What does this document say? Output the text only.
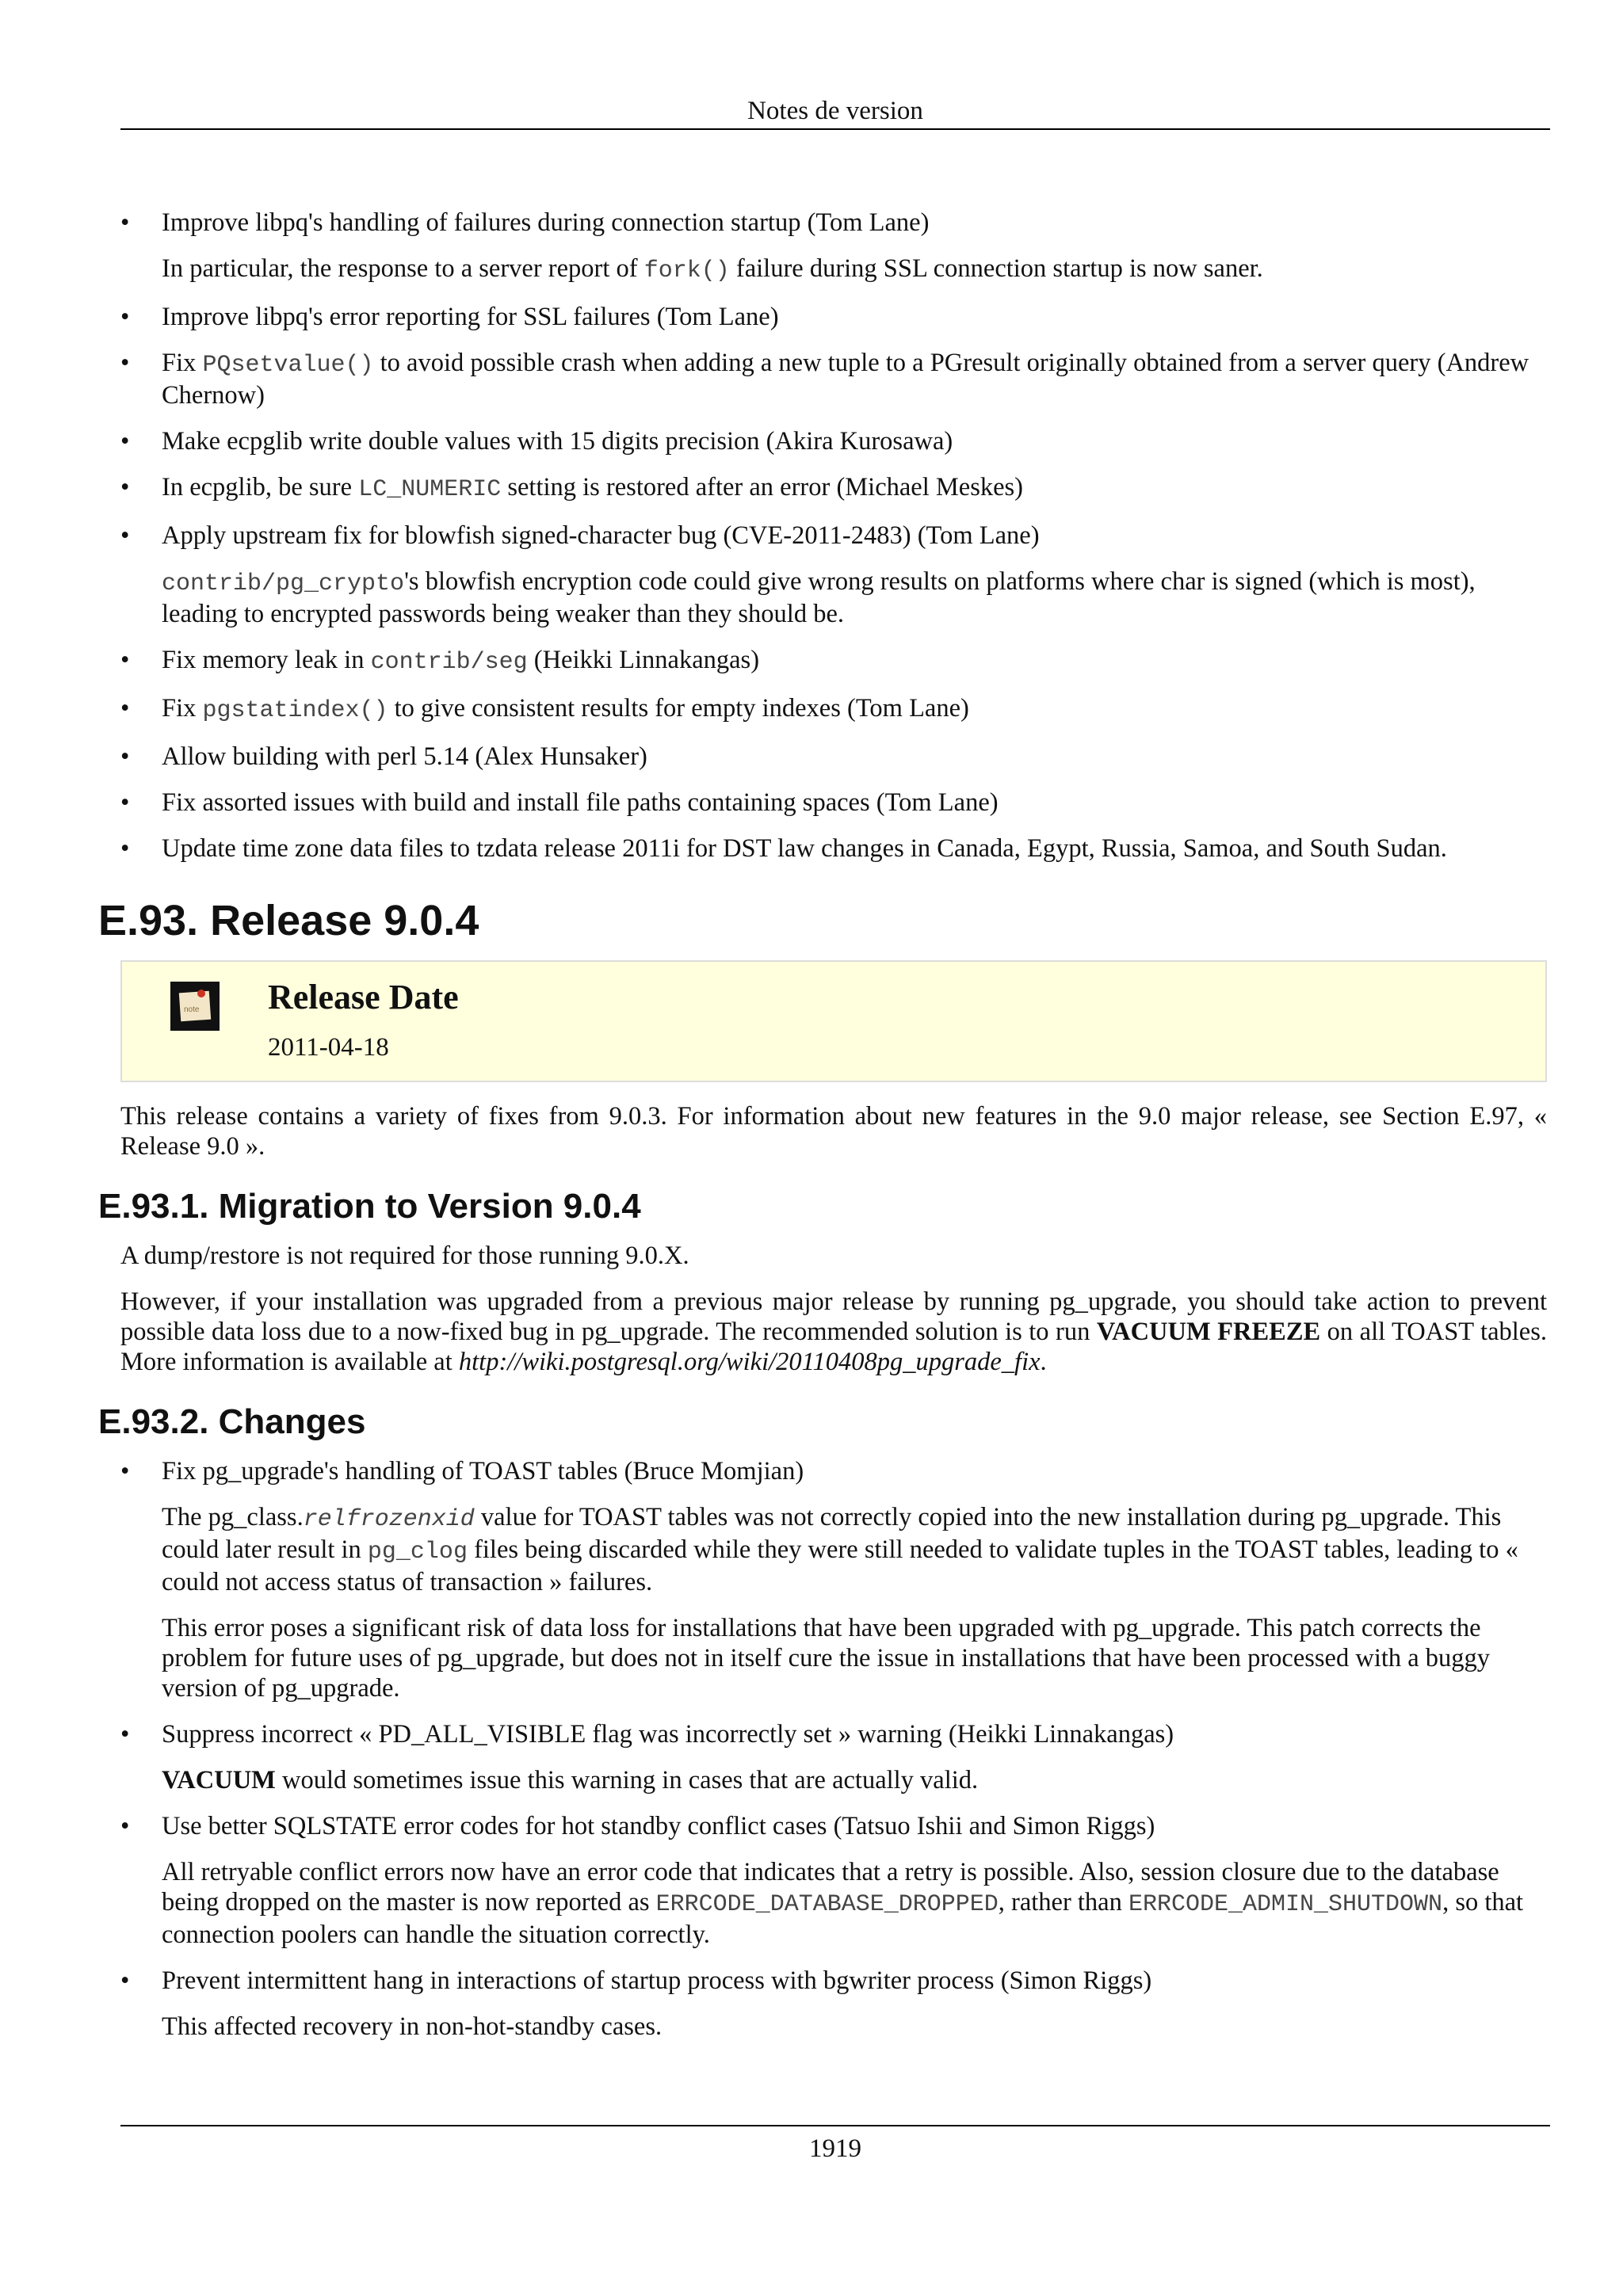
Notes de version
•	Improve libpq's handling of failures during connection startup (Tom Lane)

In particular, the response to a server report of fork() failure during SSL connection startup is now saner.

•	Improve libpq's error reporting for SSL failures (Tom Lane)

•	Fix PQsetvalue() to avoid possible crash when adding a new tuple to a PGresult originally obtained from a server query (Andrew Chernow)

•	Make ecpglib write double values with 15 digits precision (Akira Kurosawa)

•	In ecpglib, be sure LC_NUMERIC setting is restored after an error (Michael Meskes)

•	Apply upstream fix for blowfish signed-character bug (CVE-2011-2483) (Tom Lane)

contrib/pg_crypto's blowfish encryption code could give wrong results on platforms where char is signed (which is most), leading to encrypted passwords being weaker than they should be.

•	Fix memory leak in contrib/seg (Heikki Linnakangas)

•	Fix pgstatindex() to give consistent results for empty indexes (Tom Lane)

•	Allow building with perl 5.14 (Alex Hunsaker)

•	Fix assorted issues with build and install file paths containing spaces (Tom Lane)

•	Update time zone data files to tzdata release 2011i for DST law changes in Canada, Egypt, Russia, Samoa, and South Sudan.

E.93. Release 9.0.4
note Release Date
2011-04-18

This release contains a variety of fixes from 9.0.3. For information about new features in the 9.0 major release, see Section E.97, « Release 9.0 ».

E.93.1. Migration to Version 9.0.4

A dump/restore is not required for those running 9.0.X.

However, if your installation was upgraded from a previous major release by running pg_upgrade, you should take action to prevent possible data loss due to a now-fixed bug in pg_upgrade. The recommended solution is to run VACUUM FREEZE on all TOAST tables. More information is available at http://wiki.postgresql.org/wiki/20110408pg_upgrade_fix.

E.93.2. Changes
•	Fix pg_upgrade's handling of TOAST tables (Bruce Momjian)

The pg_class.relfrozenxid value for TOAST tables was not correctly copied into the new installation during pg_upgrade. This could later result in pg_clog files being discarded while they were still needed to validate tuples in the TOAST tables, leading to « could not access status of transaction » failures.

This error poses a significant risk of data loss for installations that have been upgraded with pg_upgrade. This patch corrects the problem for future uses of pg_upgrade, but does not in itself cure the issue in installations that have been processed with a buggy version of pg_upgrade.

•	Suppress incorrect « PD_ALL_VISIBLE flag was incorrectly set » warning (Heikki Linnakangas)

VACUUM would sometimes issue this warning in cases that are actually valid.

•	Use better SQLSTATE error codes for hot standby conflict cases (Tatsuo Ishii and Simon Riggs)

All retryable conflict errors now have an error code that indicates that a retry is possible. Also, session closure due to the database being dropped on the master is now reported as ERRCODE_DATABASE_DROPPED, rather than ERRCODE_ADMIN_SHUTDOWN, so that connection poolers can handle the situation correctly.

•	Prevent intermittent hang in interactions of startup process with bgwriter process (Simon Riggs)

This affected recovery in non-hot-standby cases.

1919
